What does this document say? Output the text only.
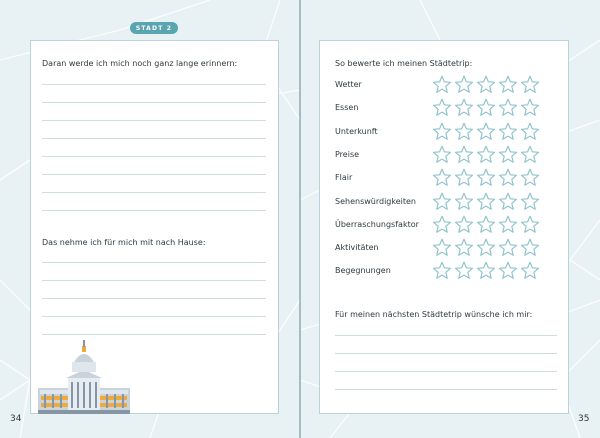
STADT 2
Daran werde ich mich noch ganz lange erinnern:
Das nehme ich für mich mit nach Hause:
34
So bewerte ich meinen Städtetrip:
Wetter
Essen
Unterkunft
Preise
Flair
Sehenswürdigkeiten
Überraschungsfaktor
Aktivitäten
Begegnungen
Für meinen nächsten Städtetrip wünsche ich mir:
35
